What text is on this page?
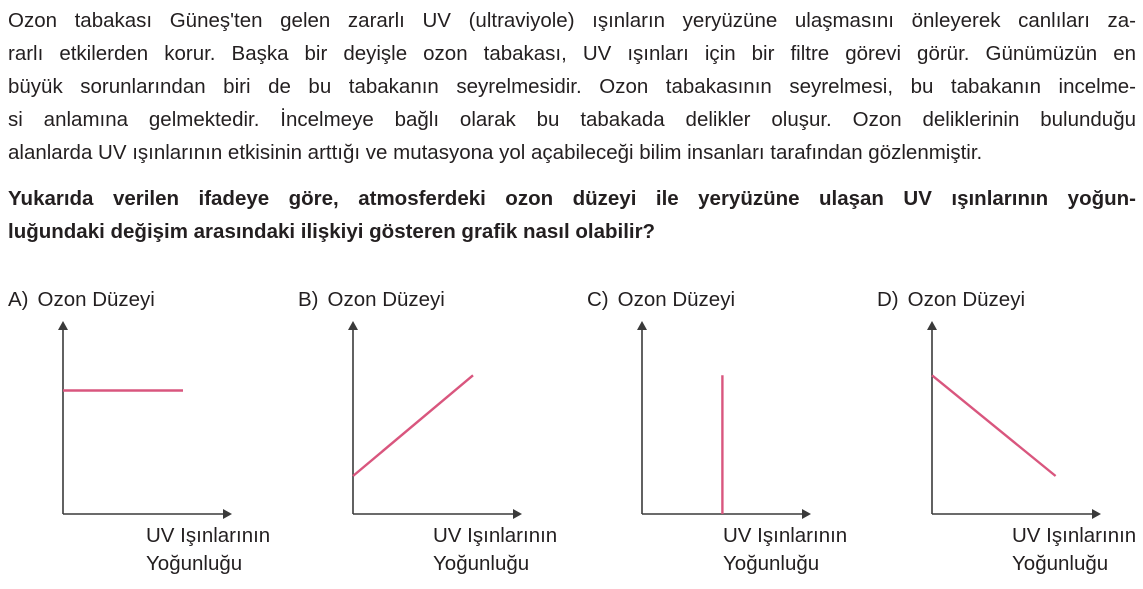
Ozon tabakası Güneş'ten gelen zararlı UV (ultraviyole) ışınların yeryüzüne ulaşmasını önleyerek canlıları za-
rarlı etkilerden korur. Başka bir deyişle ozon tabakası, UV ışınları için bir filtre görevi görür. Günümüzün en
büyük sorunlarından biri de bu tabakanın seyrelmesidir. Ozon tabakasının seyrelmesi, bu tabakanın incelme-
si anlamına gelmektedir. İncelmeye bağlı olarak bu tabakada delikler oluşur. Ozon deliklerinin bulunduğu
alanlarda UV ışınlarının etkisinin arttığı ve mutasyona yol açabileceği bilim insanları tarafından gözlenmiştir.
Yukarıda verilen ifadeye göre, atmosferdeki ozon düzeyi ile yeryüzüne ulaşan UV ışınlarının yoğun-
luğundaki değişim arasındaki ilişkiyi gösteren grafik nasıl olabilir?
A) Ozon Düzeyi
UV Işınlarının
Yoğunluğu
B) Ozon Düzeyi
UV Işınlarının
Yoğunluğu
C) Ozon Düzeyi
UV Işınlarının
Yoğunluğu
D) Ozon Düzeyi
UV Işınlarının
Yoğunluğu
